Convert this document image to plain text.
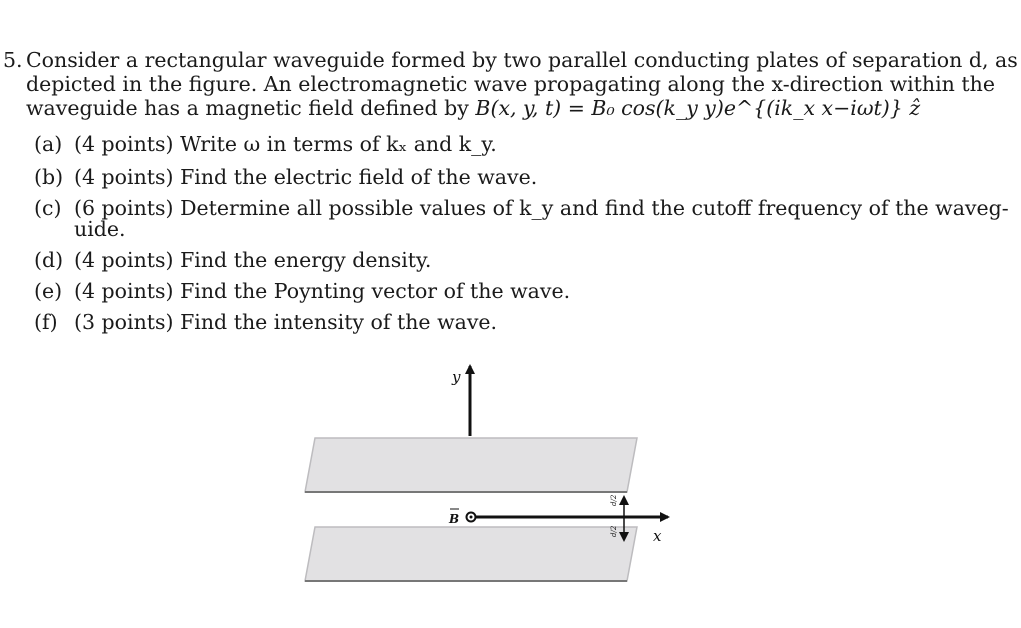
5. Consider a rectangular waveguide formed by two parallel conducting plates of separation d, as
depicted in the figure. An electromagnetic wave propagating along the x-direction within the
waveguide has a magnetic field defined by B(x, y, t) = B₀ cos(k_y y)e^{(ik_x x−iωt)} ẑ
(a) (4 points) Write ω in terms of kₓ and k_y.
(b) (4 points) Find the electric field of the wave.
(c) (6 points) Determine all possible values of k_y and find the cutoff frequency of the waveg-
uide.
(d) (4 points) Find the energy density.
(e) (4 points) Find the Poynting vector of the wave.
(f) (3 points) Find the intensity of the wave.
y
x
B
d/2
d/2
